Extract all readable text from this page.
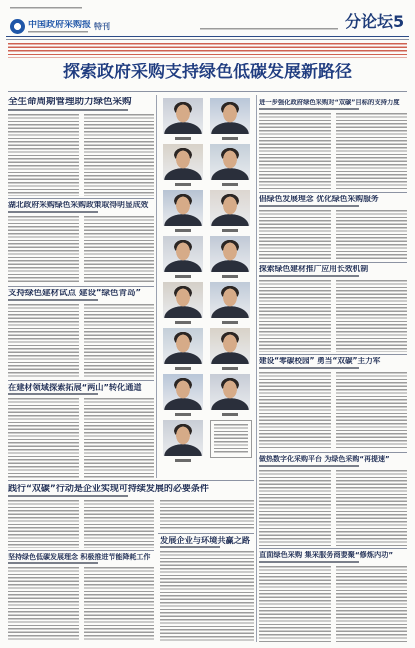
中国政府采购报 特刊	分论坛5
探索政府采购支持绿色低碳发展新路径
全生命周期管理助力绿色采购
湖北政府采购绿色采购政策取得明显成效
支持绿色建材试点 建设“绿色青岛”
在建材领域探索拓展“两山”转化通道
践行“双碳”行动是企业实现可持续发展的必要条件
坚持绿色低碳发展理念 积极推进节能降耗工作
发展企业与环境共赢之路
进一步强化政府绿色采购对“双碳”目标的支持力度
倡绿色发展理念 优化绿色采购服务
探索绿色建材推广应用长效机制
建设“零碳校园” 勇当“双碳”主力军
做热数字化采购平台 为绿色采购“再提速”
直面绿色采购 集采服务商要聚“修炼内功”
